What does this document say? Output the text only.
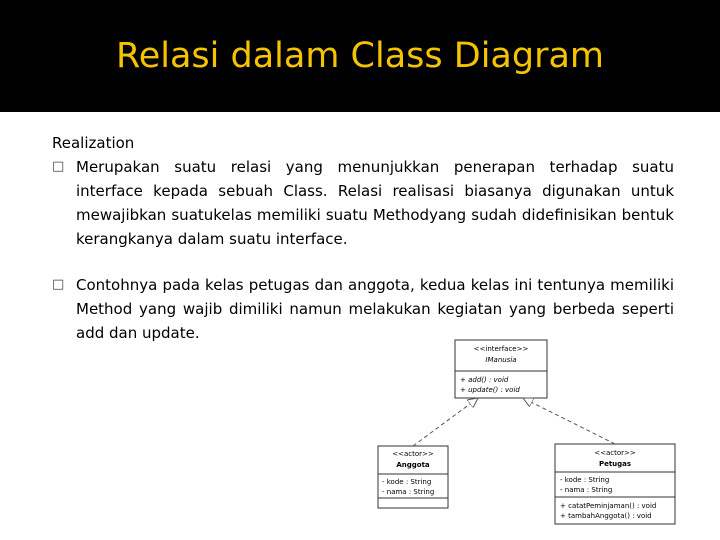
Relasi dalam Class Diagram
Realization
□ Merupakan suatu relasi yang menunjukkan penerapan terhadap suatu interface kepada sebuah Class. Relasi realisasi biasanya digunakan untuk mewajibkan suatukelas memiliki suatu Methodyang sudah didefinisikan bentuk kerangkanya dalam suatu interface.
□ Contohnya pada kelas petugas dan anggota, kedua kelas ini tentunya memiliki Method yang wajib dimiliki namun melakukan kegiatan yang berbeda seperti add dan update.
<<interface>>
IManusia
+ add() : void
+ update() : void
<<actor>>
Anggota
- kode : String
- nama : String
<<actor>>
Petugas
- kode : String
- nama : String
+ catatPeminjaman() : void
+ tambahAnggota() : void
